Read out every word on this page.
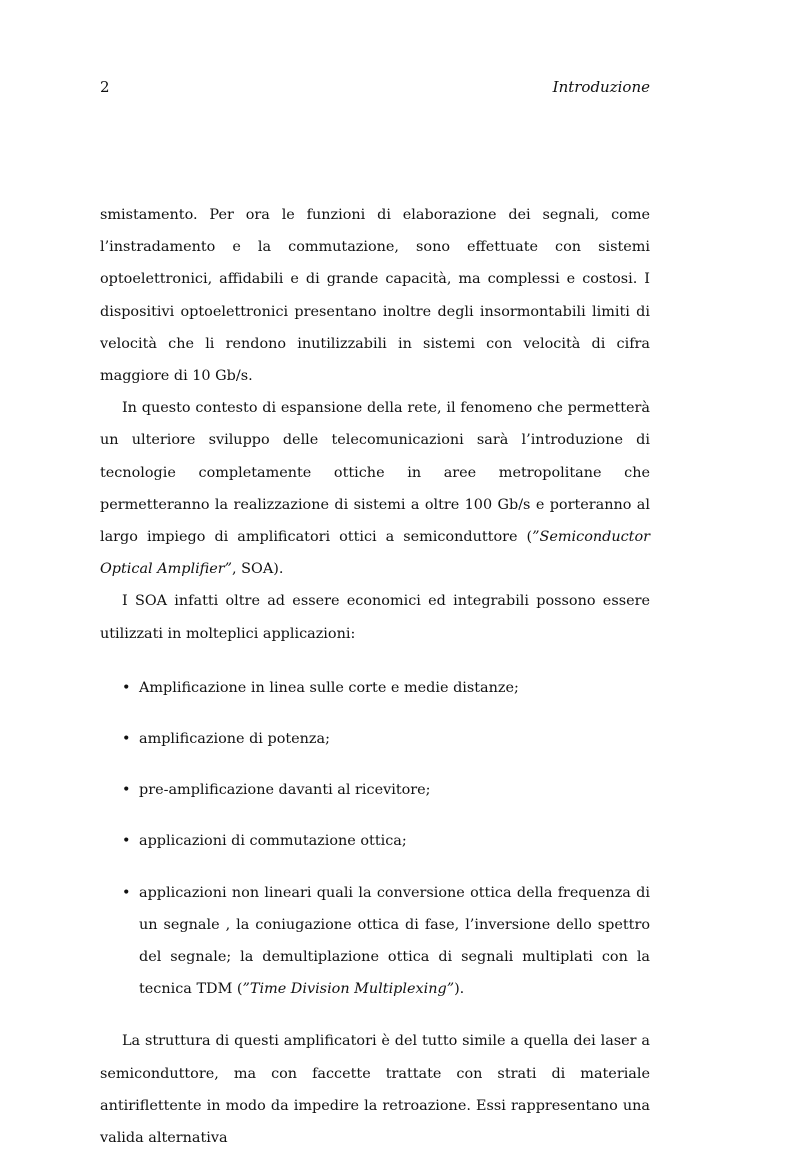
2	Introduzione

smistamento. Per ora le funzioni di elaborazione dei segnali, come l’instradamento e la commutazione, sono effettuate con sistemi optoelettronici, affidabili e di grande capacità, ma complessi e costosi. I dispositivi optoelettronici presentano inoltre degli insormontabili limiti di velocità che li rendono inutilizzabili in sistemi con velocità di cifra maggiore di 10 Gb/s.

In questo contesto di espansione della rete, il fenomeno che permetterà un ulteriore sviluppo delle telecomunicazioni sarà l’introduzione di tecnologie completamente ottiche in aree metropolitane che permetteranno la realizzazione di sistemi a oltre 100 Gb/s e porteranno al largo impiego di amplificatori ottici a semiconduttore (”Semiconductor Optical Amplifier”, SOA).

I SOA infatti oltre ad essere economici ed integrabili possono essere utilizzati in molteplici applicazioni:

• Amplificazione in linea sulle corte e medie distanze;
• amplificazione di potenza;
• pre-amplificazione davanti al ricevitore;
• applicazioni di commutazione ottica;
• applicazioni non lineari quali la conversione ottica della frequenza di un segnale , la coniugazione ottica di fase, l’inversione dello spettro del segnale; la demultiplazione ottica di segnali multiplati con la tecnica TDM (”Time Division Multiplexing”).

La struttura di questi amplificatori è del tutto simile a quella dei laser a semiconduttore, ma con faccette trattate con strati di materiale antiriflettente in modo da impedire la retroazione. Essi rappresentano una valida alternativa
